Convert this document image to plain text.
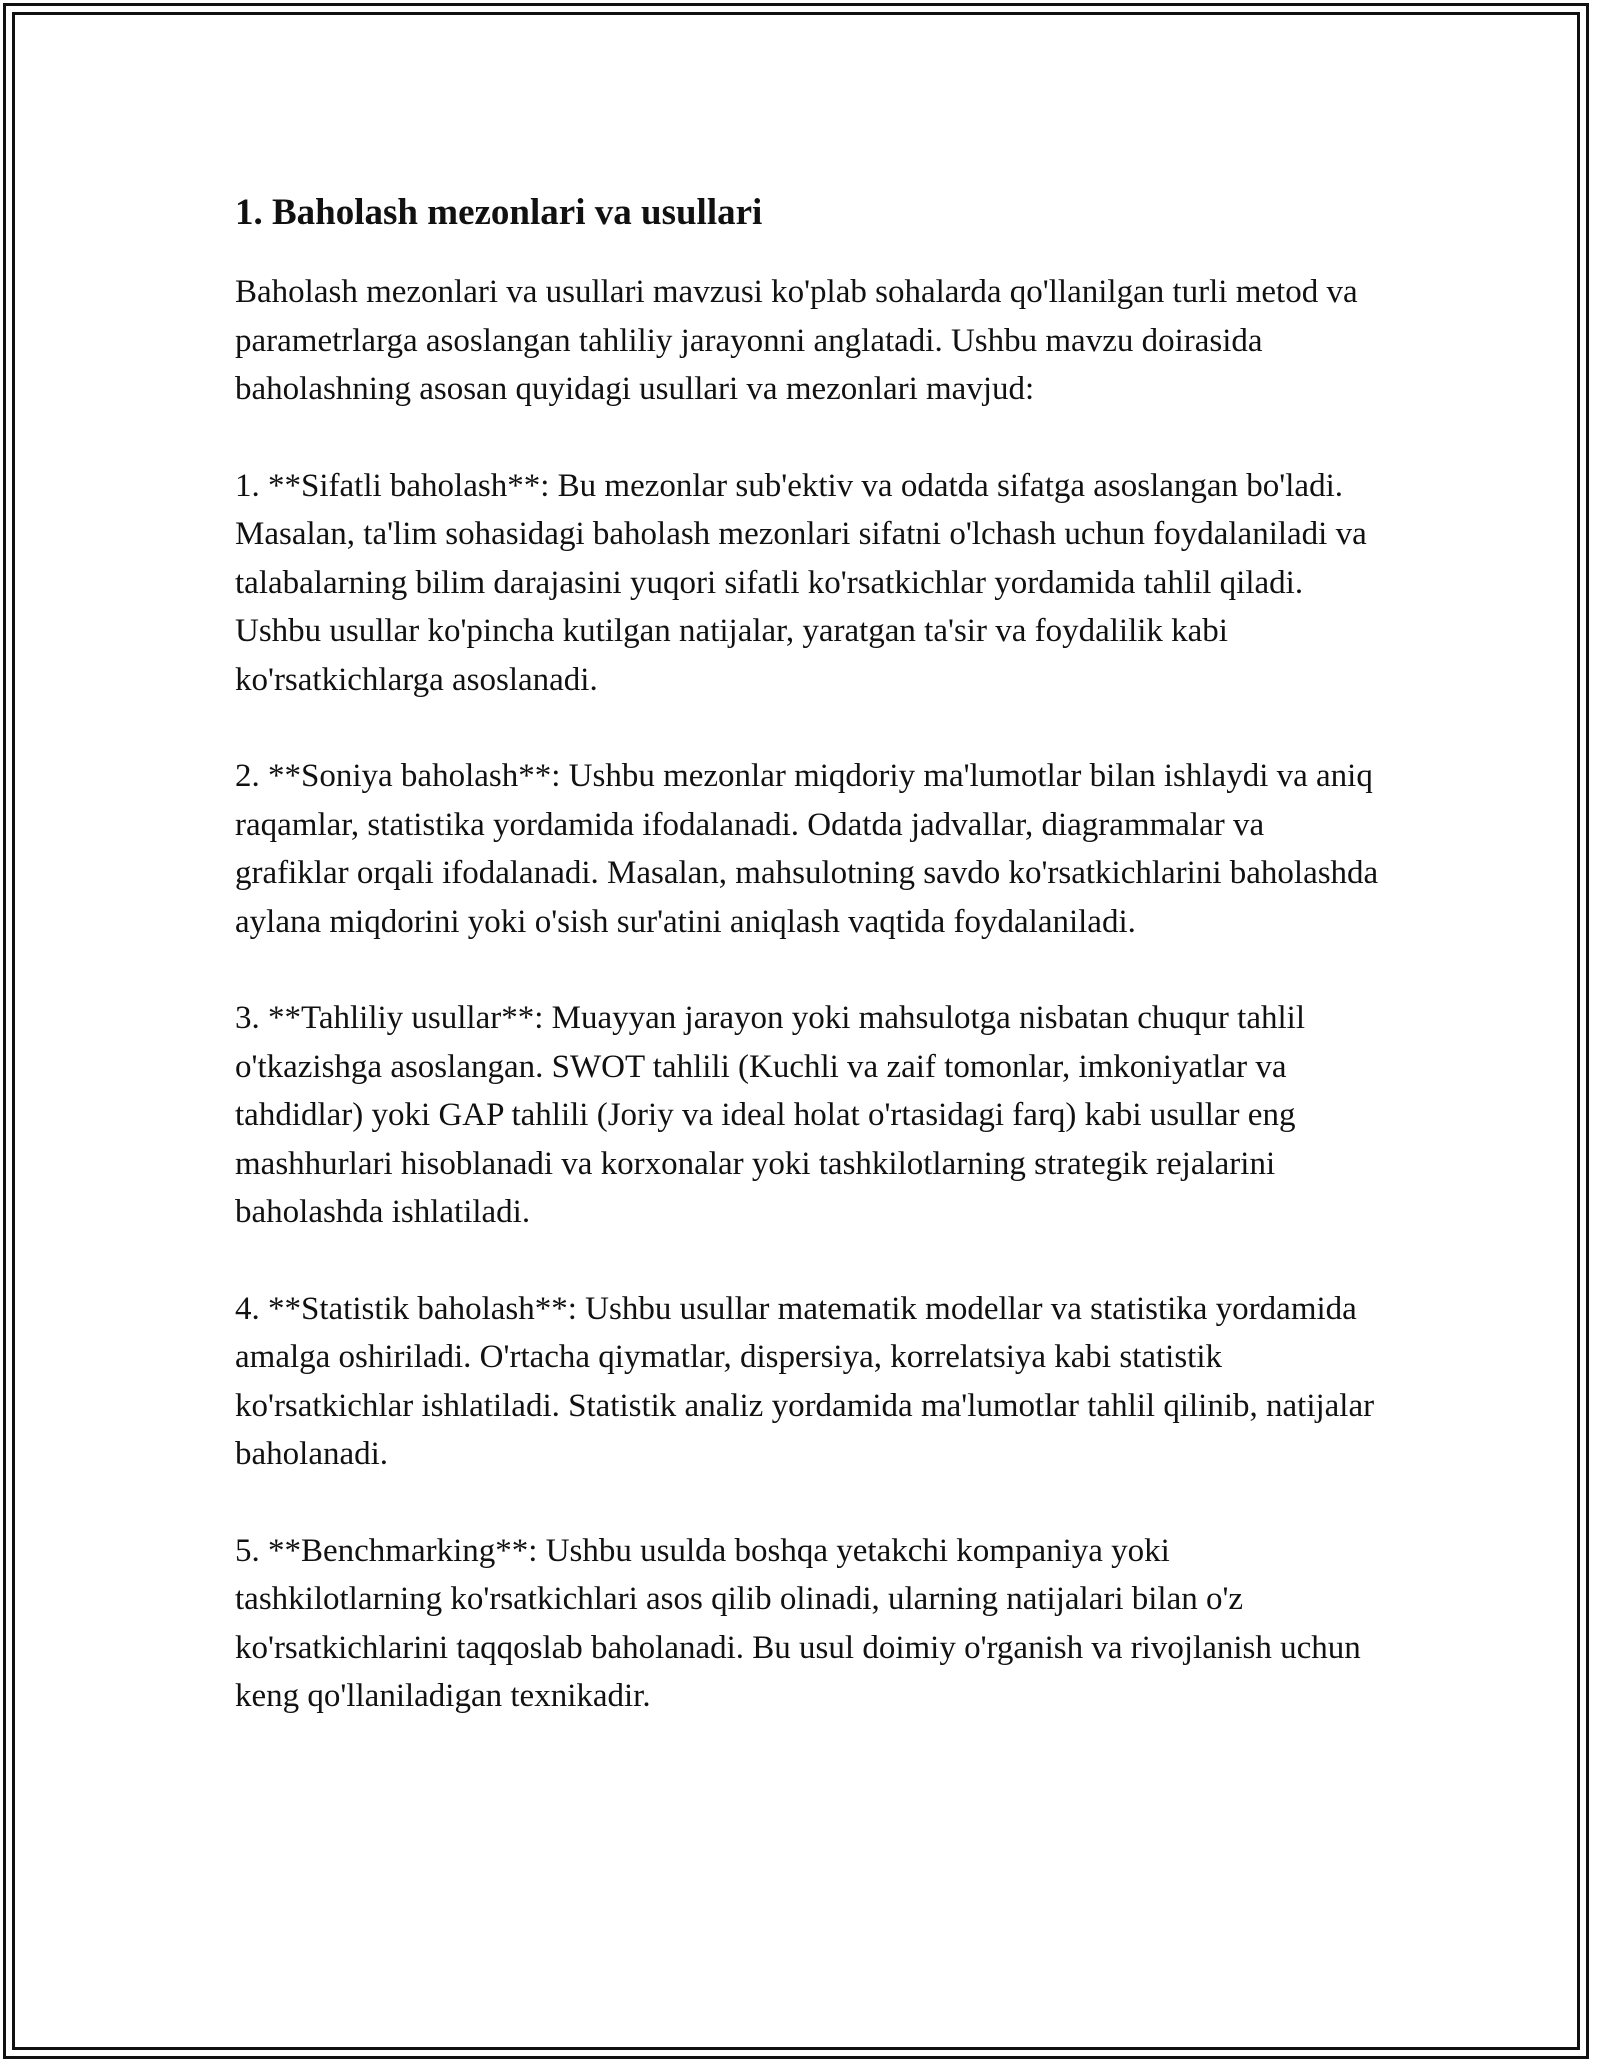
1. Baholash mezonlari va usullari

Baholash mezonlari va usullari mavzusi ko'plab sohalarda qo'llanilgan turli metod va parametrlarga asoslangan tahliliy jarayonni anglatadi. Ushbu mavzu doirasida baholashning asosan quyidagi usullari va mezonlari mavjud:

1. **Sifatli baholash**: Bu mezonlar sub'ektiv va odatda sifatga asoslangan bo'ladi. Masalan, ta'lim sohasidagi baholash mezonlari sifatni o'lchash uchun foydalaniladi va talabalarning bilim darajasini yuqori sifatli ko'rsatkichlar yordamida tahlil qiladi. Ushbu usullar ko'pincha kutilgan natijalar, yaratgan ta'sir va foydalilik kabi ko'rsatkichlarga asoslanadi.

2. **Soniya baholash**: Ushbu mezonlar miqdoriy ma'lumotlar bilan ishlaydi va aniq raqamlar, statistika yordamida ifodalanadi. Odatda jadvallar, diagrammalar va grafiklar orqali ifodalanadi. Masalan, mahsulotning savdo ko'rsatkichlarini baholashda aylana miqdorini yoki o'sish sur'atini aniqlash vaqtida foydalaniladi.

3. **Tahliliy usullar**: Muayyan jarayon yoki mahsulotga nisbatan chuqur tahlil o'tkazishga asoslangan. SWOT tahlili (Kuchli va zaif tomonlar, imkoniyatlar va tahdidlar) yoki GAP tahlili (Joriy va ideal holat o'rtasidagi farq) kabi usullar eng mashhurlari hisoblanadi va korxonalar yoki tashkilotlarning strategik rejalarini baholashda ishlatiladi.

4. **Statistik baholash**: Ushbu usullar matematik modellar va statistika yordamida amalga oshiriladi. O'rtacha qiymatlar, dispersiya, korrelatsiya kabi statistik ko'rsatkichlar ishlatiladi. Statistik analiz yordamida ma'lumotlar tahlil qilinib, natijalar baholanadi.

5. **Benchmarking**: Ushbu usulda boshqa yetakchi kompaniya yoki tashkilotlarning ko'rsatkichlari asos qilib olinadi, ularning natijalari bilan o'z ko'rsatkichlarini taqqoslab baholanadi. Bu usul doimiy o'rganish va rivojlanish uchun keng qo'llaniladigan texnikadir.
